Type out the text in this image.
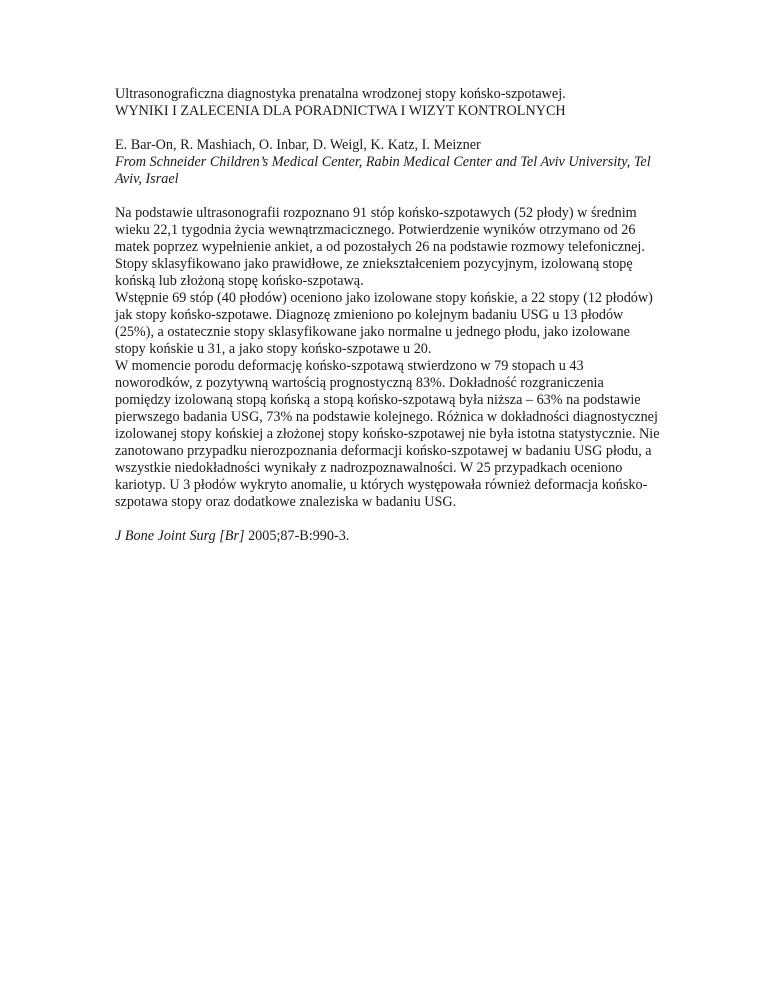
Ultrasonograficzna diagnostyka prenatalna wrodzonej stopy końsko-szpotawej.

WYNIKI I ZALECENIA DLA PORADNICTWA I WIZYT KONTROLNYCH

E. Bar-On, R. Mashiach, O. Inbar, D. Weigl, K. Katz, I. Meizner

From Schneider Children’s Medical Center, Rabin Medical Center and Tel Aviv University, Tel Aviv, Israel

Na podstawie ultrasonografii rozpoznano 91 stóp końsko-szpotawych (52 płody) w średnim wieku 22,1 tygodnia życia wewnątrzmacicznego. Potwierdzenie wyników otrzymano od 26 matek poprzez wypełnienie ankiet, a od pozostałych 26 na podstawie rozmowy telefonicznej. Stopy sklasyfikowano jako prawidłowe, ze zniekształceniem pozycyjnym, izolowaną stopę końską lub złożoną stopę końsko-szpotawą.

Wstępnie 69 stóp (40 płodów) oceniono jako izolowane stopy końskie, a 22 stopy (12 płodów) jak stopy końsko-szpotawe. Diagnozę zmieniono po kolejnym badaniu USG u 13 płodów (25%), a ostatecznie stopy sklasyfikowane jako normalne u jednego płodu, jako izolowane stopy końskie u 31, a jako stopy końsko-szpotawe u 20.

W momencie porodu deformację końsko-szpotawą stwierdzono w 79 stopach u 43 noworodków, z pozytywną wartością prognostyczną 83%. Dokładność rozgraniczenia pomiędzy izolowaną stopą końską a stopą końsko-szpotawą była niższa – 63% na podstawie pierwszego badania USG, 73% na podstawie kolejnego. Różnica w dokładności diagnostycznej izolowanej stopy końskiej a złożonej stopy końsko-szpotawej nie była istotna statystycznie. Nie zanotowano przypadku nierozpoznania deformacji końsko-szpotawej w badaniu USG płodu, a wszystkie niedokładności wynikały z nadrozpoznawalności. W 25 przypadkach oceniono kariotyp. U 3 płodów wykryto anomalie, u których występowała również deformacja końsko-szpotawa stopy oraz dodatkowe znaleziska w badaniu USG.

J Bone Joint Surg [Br] 2005;87-B:990-3.
